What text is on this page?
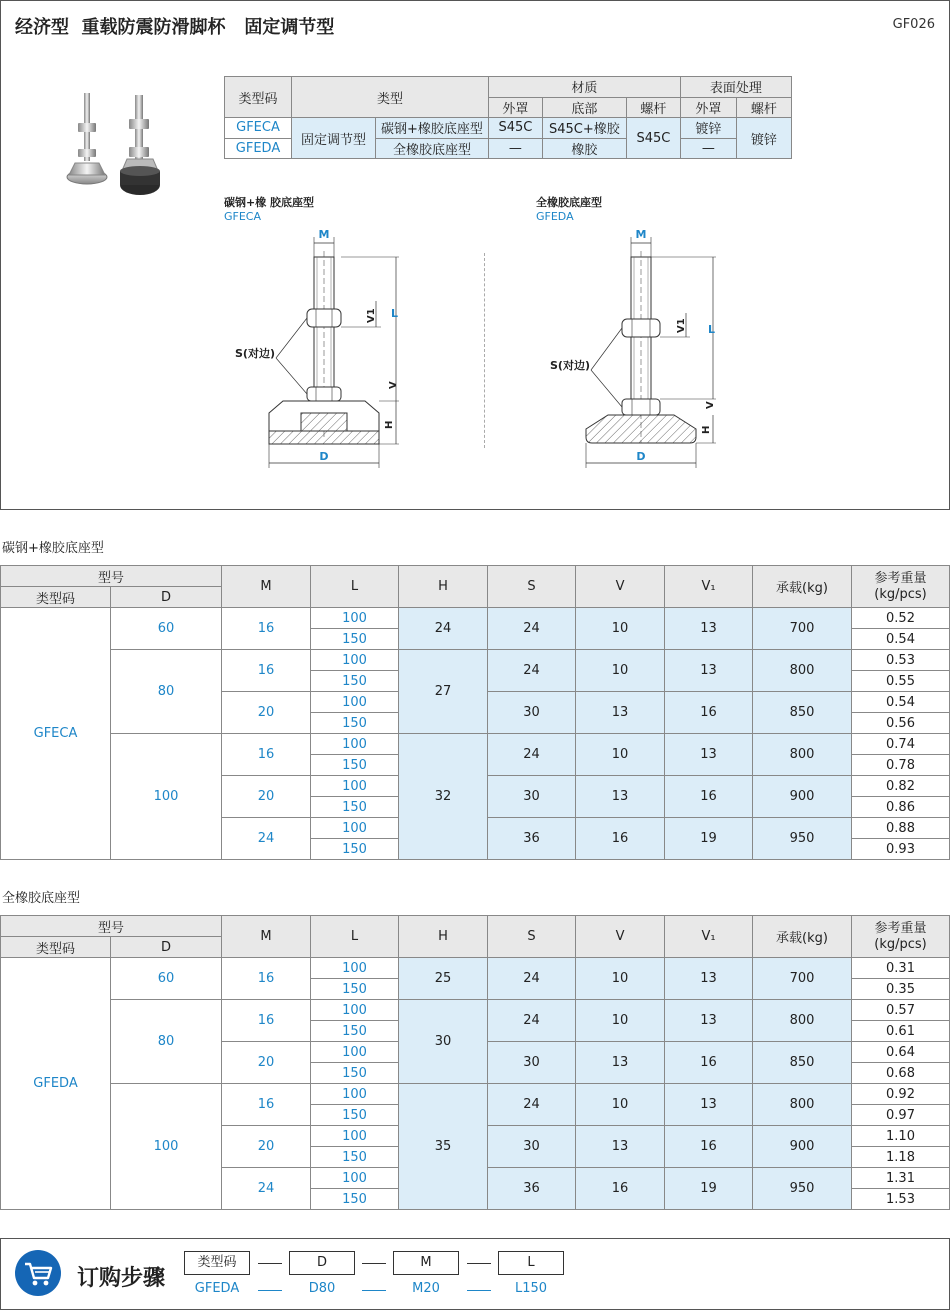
经济型  重载防震防滑脚杯   固定调节型	GF026
类型码	类型		材质			表面处理	
			外罩	底部	螺杆	外罩	螺杆
GFECA	固定调节型	碳钢+橡胶底座型	S45C	S45C+橡胶	S45C	镀锌	镀锌
GFEDA		全橡胶底座型	—	橡胶		—	
碳钢+橡 胶底座型
GFECA
全橡胶底座型
GFEDA
M
D
L
V1
V
H
S(对边)
M
D
L
V1
V
H
S(对边)
碳钢+橡胶底座型
型号		M	L	H	S	V	V₁	承载(kg)	参考重量
(kg/pcs)
类型码	D								
GFECA	60	16	100	24	24	10	13	700	0.52
			150						0.54
	80	16	100	27	24	10	13	800	0.53
			150						0.55
		20	100		30	13	16	850	0.54
			150						0.56
	100	16	100	32	24	10	13	800	0.74
			150						0.78
		20	100		30	13	16	900	0.82
			150						0.86
		24	100		36	16	19	950	0.88
			150						0.93
全橡胶底座型
型号		M	L	H	S	V	V₁	承载(kg)	参考重量
(kg/pcs)
类型码	D								
GFEDA	60	16	100	25	24	10	13	700	0.31
			150						0.35
	80	16	100	30	24	10	13	800	0.57
			150						0.61
		20	100		30	13	16	850	0.64
			150						0.68
	100	16	100	35	24	10	13	800	0.92
			150						0.97
		20	100		30	13	16	900	1.10
			150						1.18
		24	100		36	16	19	950	1.31
			150						1.53
订购步骤
类型码	D	M	L
GFEDA	D80	M20	L150
